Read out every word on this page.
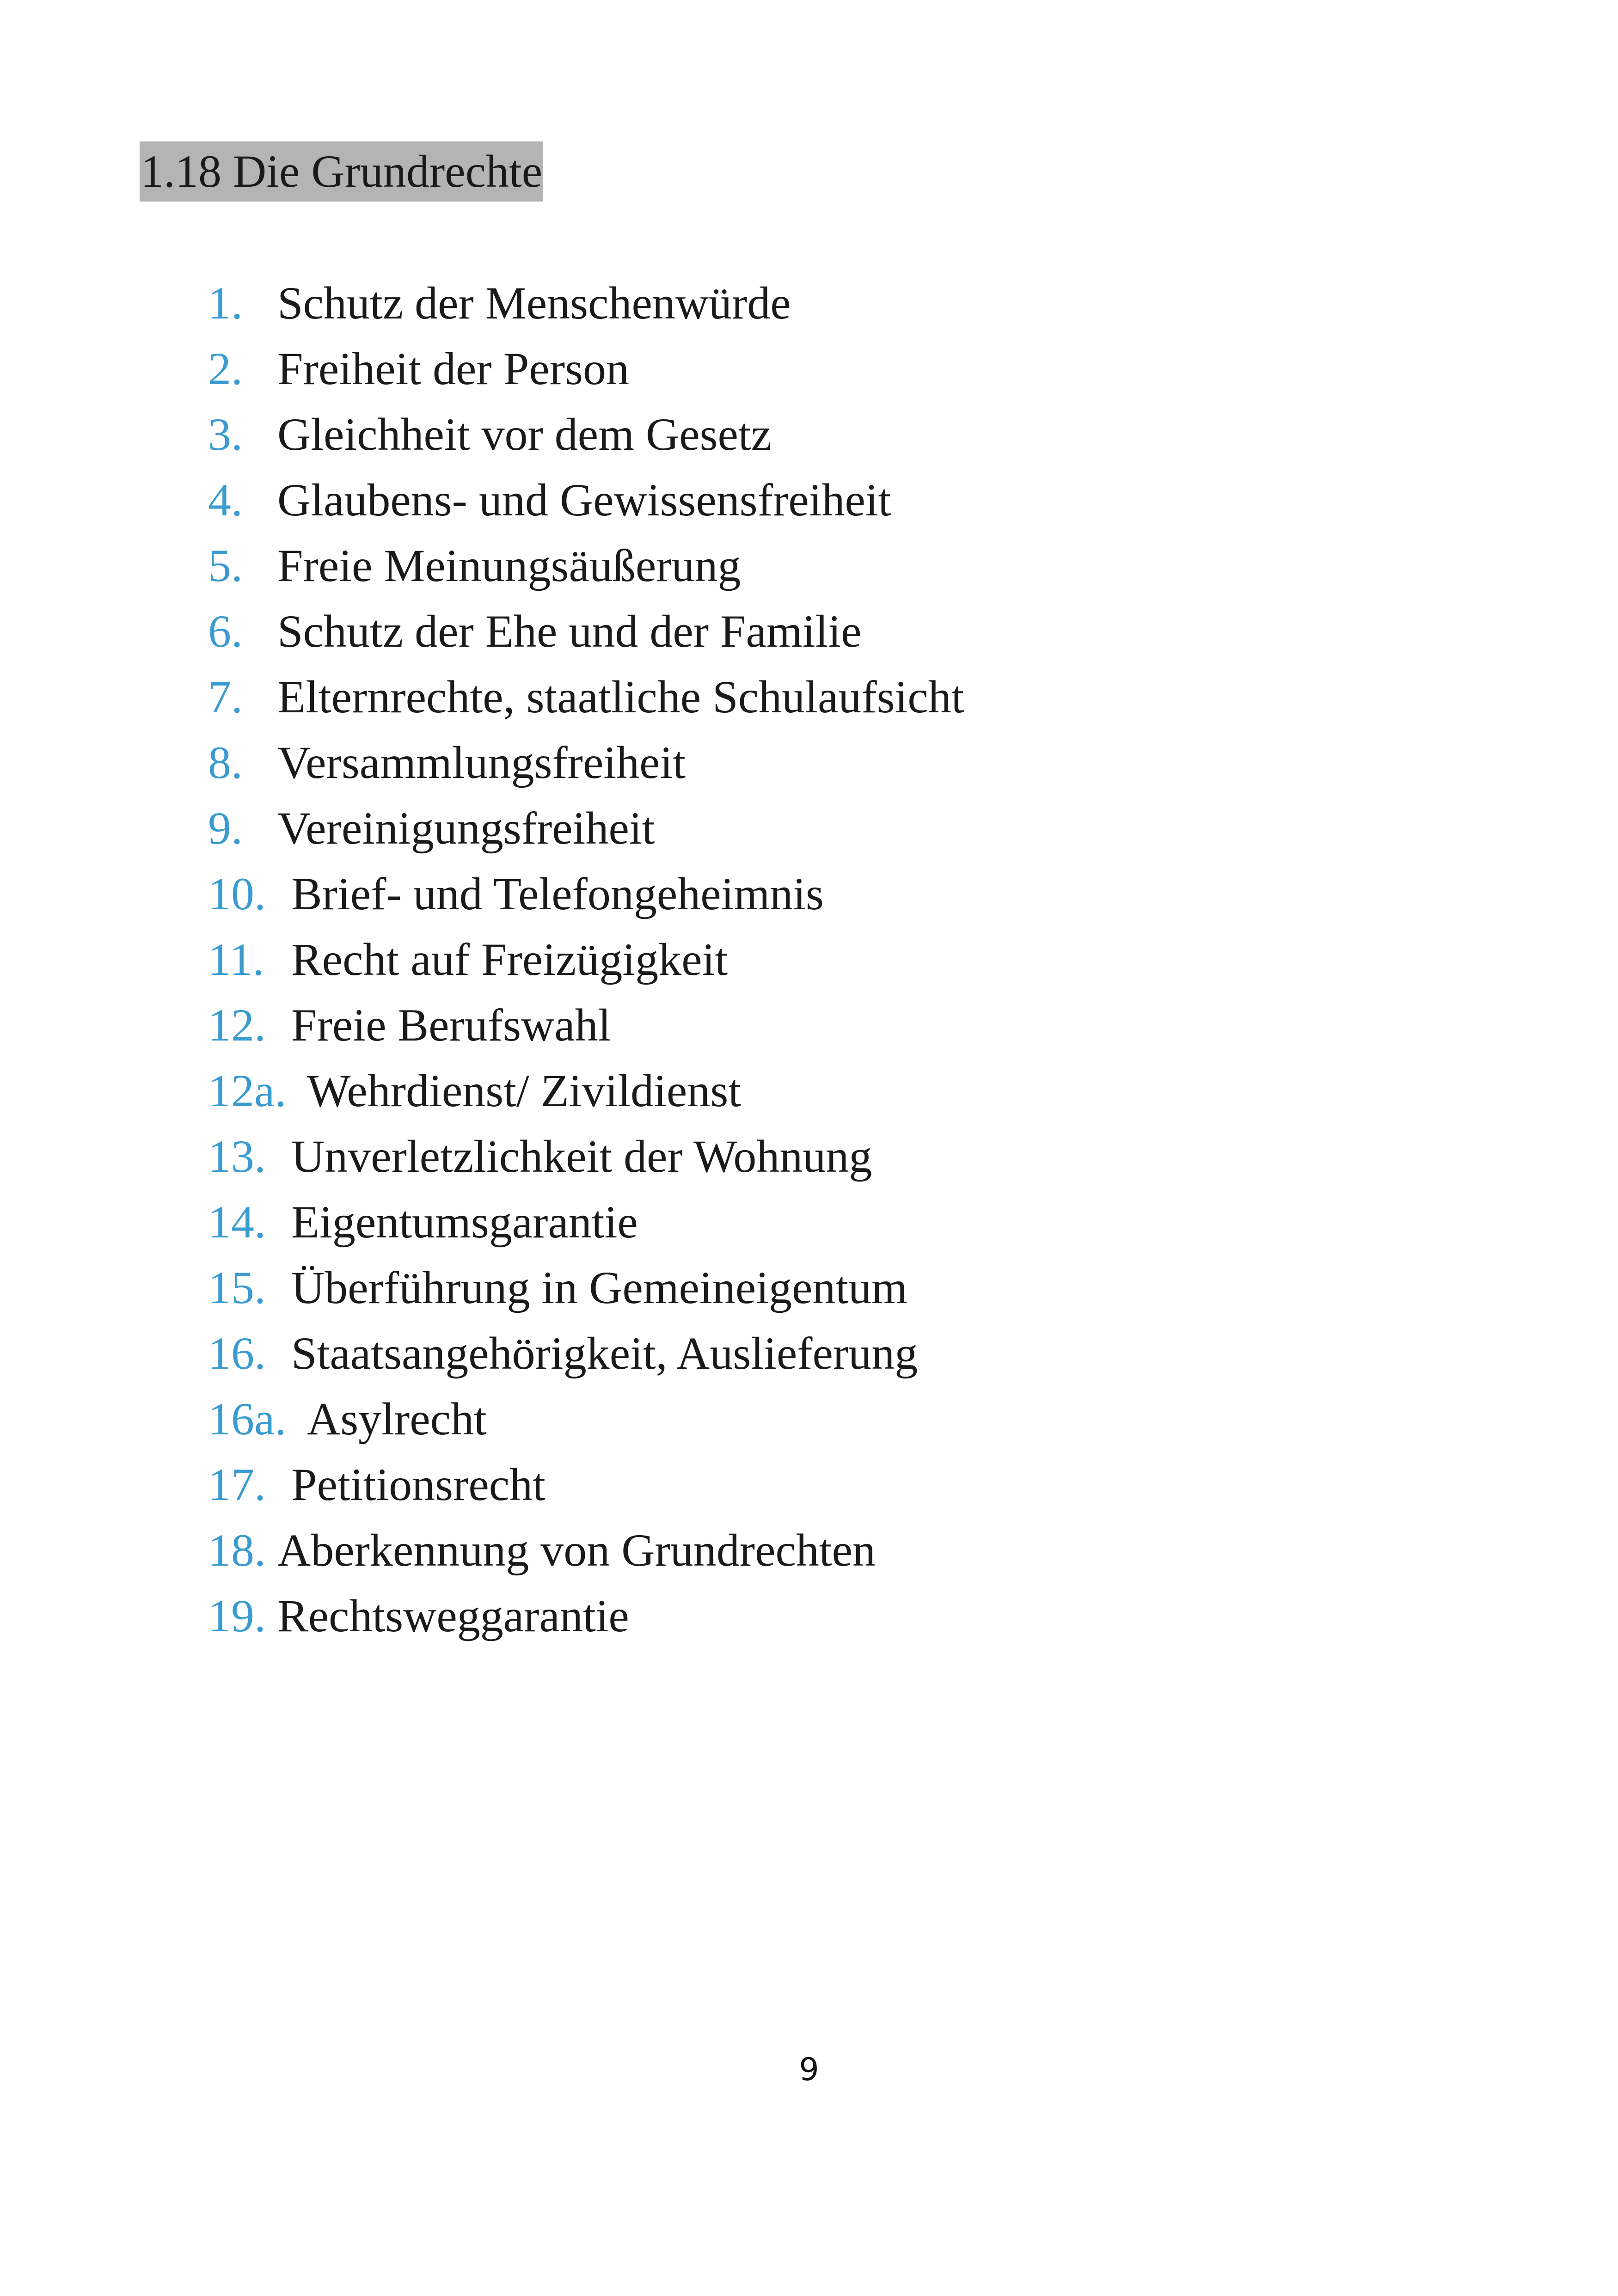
1.18 Die Grundrechte
1. Schutz der Menschenwürde
2. Freiheit der Person
3. Gleichheit vor dem Gesetz
4. Glaubens- und Gewissensfreiheit
5. Freie Meinungsäußerung
6. Schutz der Ehe und der Familie
7. Elternrechte, staatliche Schulaufsicht
8. Versammlungsfreiheit
9. Vereinigungsfreiheit
10. Brief- und Telefongeheimnis
11. Recht auf Freizügigkeit
12. Freie Berufswahl
12a. Wehrdienst/ Zivildienst
13. Unverletzlichkeit der Wohnung
14. Eigentumsgarantie
15. Überführung in Gemeineigentum
16. Staatsangehörigkeit, Auslieferung
16a. Asylrecht
17. Petitionsrecht
18. Aberkennung von Grundrechten
19. Rechtsweggarantie
9
